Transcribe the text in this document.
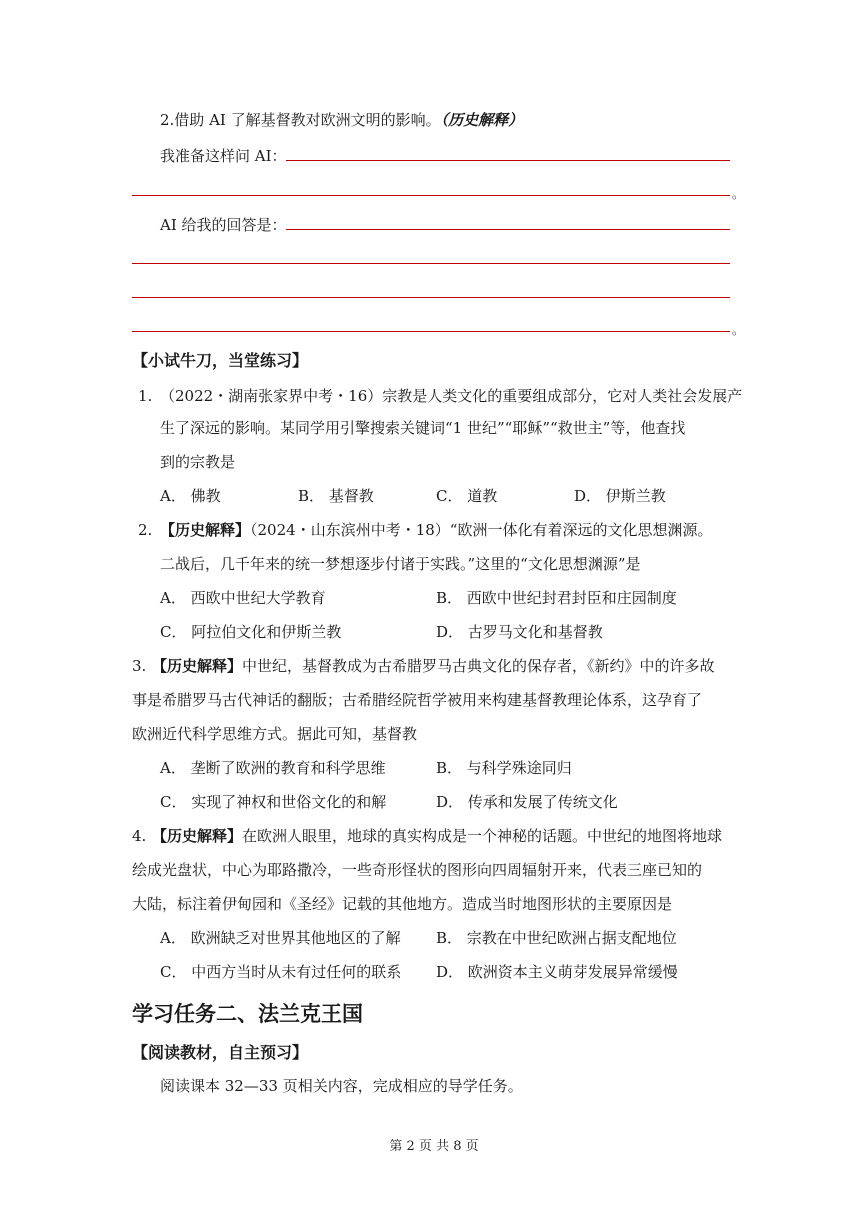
2.借助 AI 了解基督教对欧洲文明的影响。（历史解释）
我准备这样问 AI：
。
AI 给我的回答是：
。
【小试牛刀，当堂练习】
1. （2022・湖南张家界中考・16）宗教是人类文化的重要组成部分，它对人类社会发展产
生了深远的影响。某同学用引擎搜索关键词“1 世纪”“耶稣”“救世主”等，他查找
到的宗教是
A． 佛教	B． 基督教	C． 道教	D． 伊斯兰教
2. 【历史解释】（2024・山东滨州中考・18）“欧洲一体化有着深远的文化思想渊源。
二战后，几千年来的统一梦想逐步付诸于实践。”这里的“文化思想渊源”是
A． 西欧中世纪大学教育	B． 西欧中世纪封君封臣和庄园制度
C． 阿拉伯文化和伊斯兰教	D． 古罗马文化和基督教
3. 【历史解释】中世纪，基督教成为古希腊罗马古典文化的保存者，《新约》中的许多故
事是希腊罗马古代神话的翻版；古希腊经院哲学被用来构建基督教理论体系，这孕育了
欧洲近代科学思维方式。据此可知，基督教
A． 垄断了欧洲的教育和科学思维	B． 与科学殊途同归
C． 实现了神权和世俗文化的和解	D． 传承和发展了传统文化
4. 【历史解释】在欧洲人眼里，地球的真实构成是一个神秘的话题。中世纪的地图将地球
绘成光盘状，中心为耶路撒冷，一些奇形怪状的图形向四周辐射开来，代表三座已知的
大陆，标注着伊甸园和《圣经》记载的其他地方。造成当时地图形状的主要原因是
A． 欧洲缺乏对世界其他地区的了解 B． 宗教在中世纪欧洲占据支配地位
C． 中西方当时从未有过任何的联系 D． 欧洲资本主义萌芽发展异常缓慢
学习任务二、法兰克王国
【阅读教材，自主预习】
阅读课本 32—33 页相关内容，完成相应的导学任务。
第 2 页 共 8 页
